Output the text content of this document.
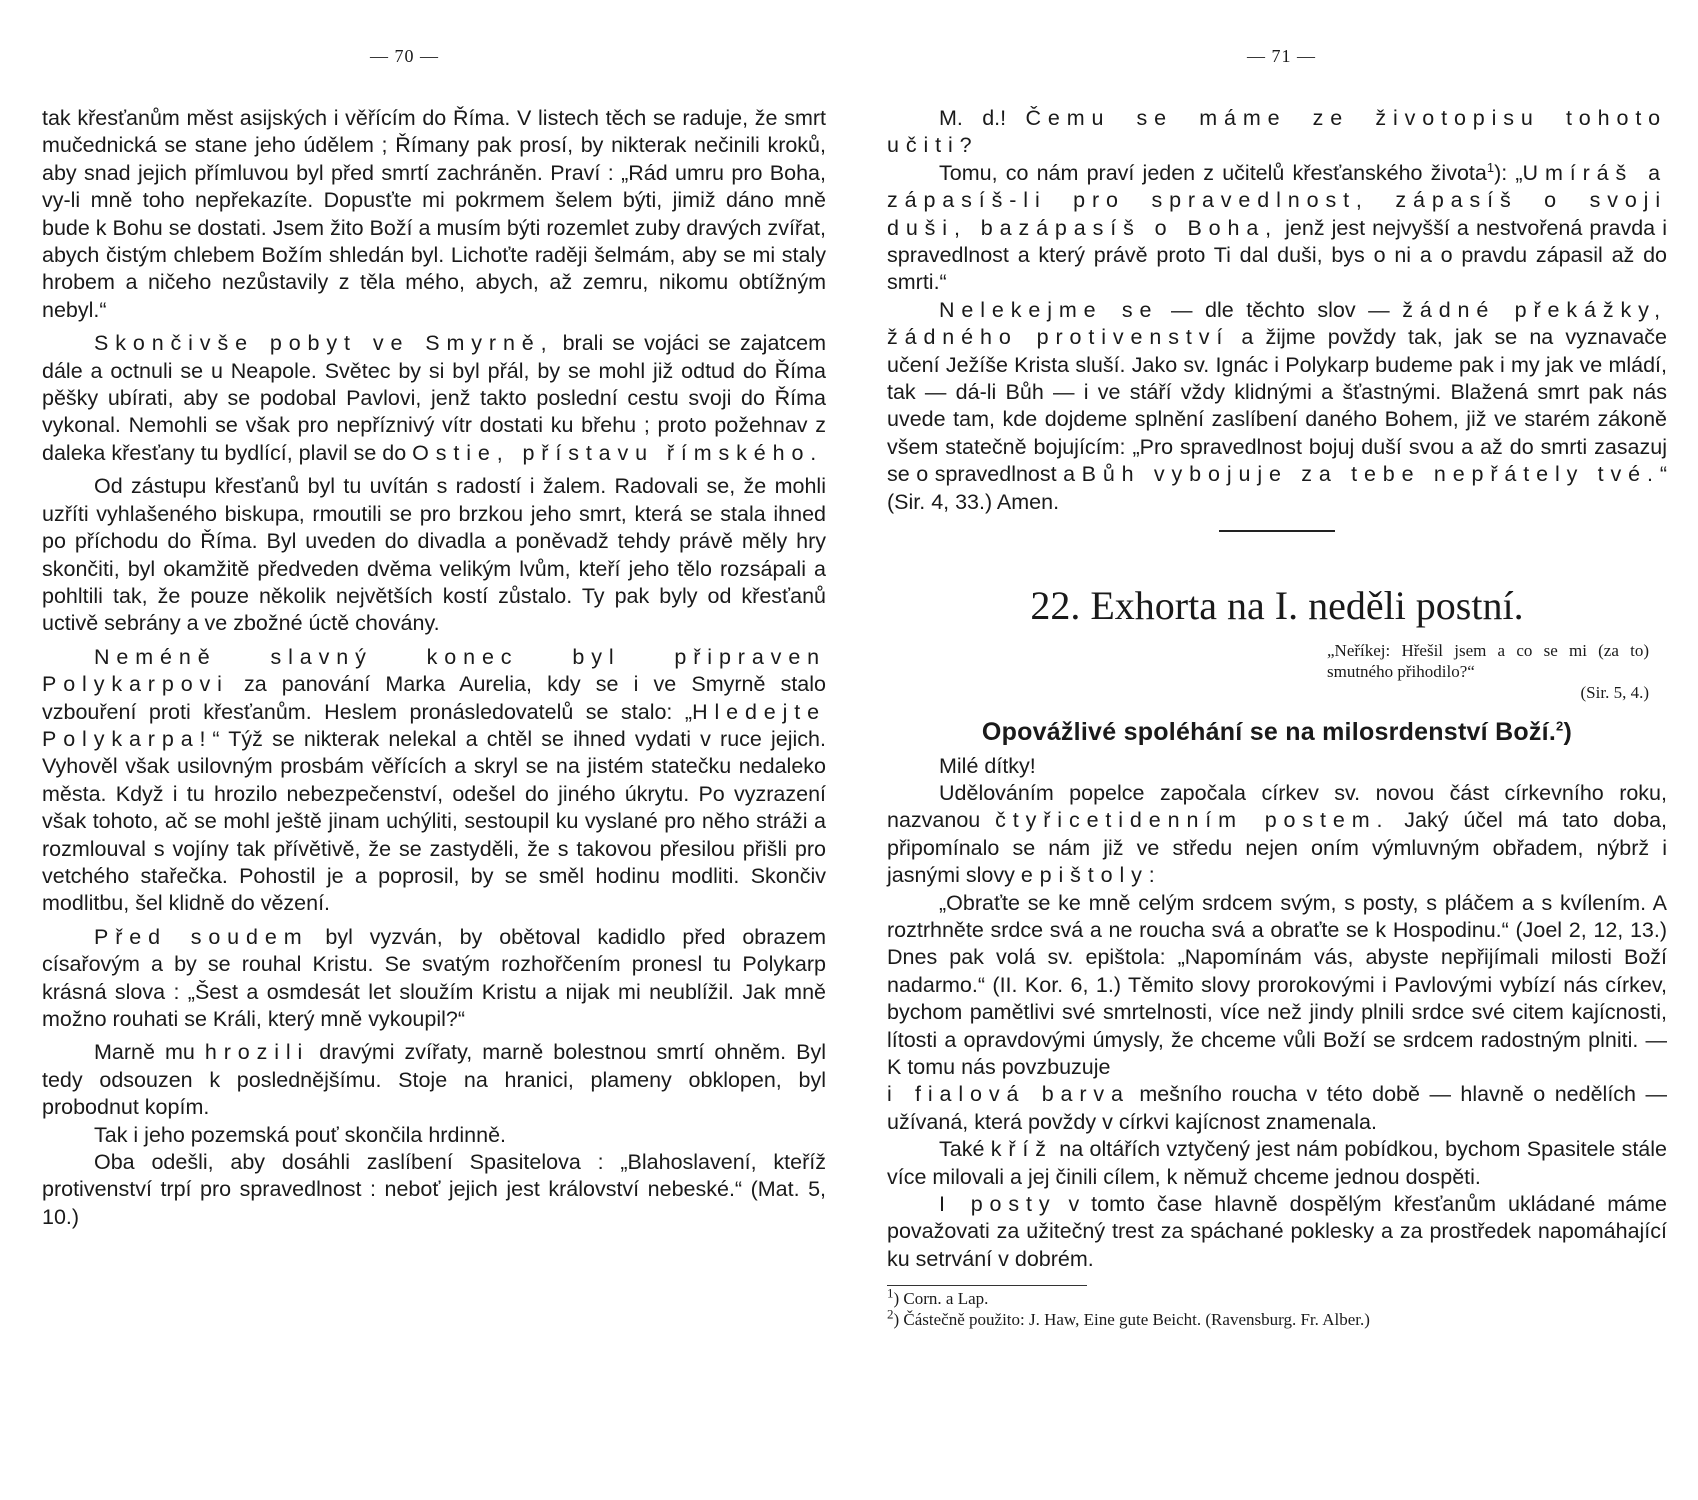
— 70 —

tak křesťanům měst asijských i věřícím do Říma. V listech těch se raduje, že smrt mučednická se stane jeho údělem ; Římany pak prosí, by nikterak nečinili kroků, aby snad jejich přímluvou byl před smrtí zachráněn. Praví : „Rád umru pro Boha, vy-li mně toho nepřekazíte. Dopusťte mi pokrmem šelem býti, jimiž dáno mně bude k Bohu se dostati. Jsem žito Boží a musím býti rozemlet zuby dravých zvířat, abych čistým chlebem Božím shledán byl. Lichoťte raději šelmám, aby se mi staly hrobem a ničeho nezůstavily z těla mého, abych, až zemru, nikomu obtížným nebyl.“

Skončivše pobyt ve Smyrně, brali se vojáci se zajatcem dále a octnuli se u Neapole. Světec by si byl přál, by se mohl již odtud do Říma pěšky ubírati, aby se podobal Pavlovi, jenž takto poslední cestu svoji do Říma vykonal. Nemohli se však pro nepříznivý vítr dostati ku břehu ; proto požehnav z daleka křesťany tu bydlící, plavil se do Ostie, přístavu římského.

Od zástupu křesťanů byl tu uvítán s radostí i žalem. Radovali se, že mohli uzříti vyhlašeného biskupa, rmoutili se pro brzkou jeho smrt, která se stala ihned po příchodu do Říma. Byl uveden do divadla a poněvadž tehdy právě měly hry skončiti, byl okamžitě předveden dvěma velikým lvům, kteří jeho tělo rozsápali a pohltili tak, že pouze několik největších kostí zůstalo. Ty pak byly od křesťanů uctivě sebrány a ve zbožné úctě chovány.

Neméně slavný konec byl připraven Polykarpovi za panování Marka Aurelia, kdy se i ve Smyrně stalo vzbouření proti křesťanům. Heslem pronásledovatelů se stalo: „Hledejte Polykarpa!“ Týž se nikterak nelekal a chtěl se ihned vydati v ruce jejich. Vyhověl však usilovným prosbám věřících a skryl se na jistém statečku nedaleko města. Když i tu hrozilo nebezpečenství, odešel do jiného úkrytu. Po vyzrazení však tohoto, ač se mohl ještě jinam uchýliti, sestoupil ku vyslané pro něho stráži a rozmlouval s vojíny tak přívětivě, že se zastyděli, že s takovou přesilou přišli pro vetchého stařečka. Pohostil je a poprosil, by se směl hodinu modliti. Skončiv modlitbu, šel klidně do vězení.

Před soudem byl vyzván, by obětoval kadidlo před obrazem císařovým a by se rouhal Kristu. Se svatým rozhořčením pronesl tu Polykarp krásná slova : „Šest a osmdesát let sloužím Kristu a nijak mi neublížil. Jak mně možno rouhati se Králi, který mně vykoupil?“

Marně mu hrozili dravými zvířaty, marně bolestnou smrtí ohněm. Byl tedy odsouzen k poslednějšímu. Stoje na hranici, plameny obklopen, byl probodnut kopím.

Tak i jeho pozemská pouť skončila hrdinně.

Oba odešli, aby dosáhli zaslíbení Spasitelova : „Blahoslavení, kteříž protivenství trpí pro spravedlnost : neboť jejich jest království nebeské.“ (Mat. 5, 10.)

— 71 —

M. d.! Čemu se máme ze životopisu tohoto učiti?

Tomu, co nám praví jeden z učitelů křesťanského života$^1$): „Umíráš a zápasíš-li pro spravedlnost, zápasíš o svoji duši, bazápasíš o Boha, jenž jest nejvyšší a nestvořená pravda i spravedlnost a který právě proto Ti dal duši, bys o ni a o pravdu zápasil až do smrti.“

Nelekejme se — dle těchto slov — žádné překážky, žádného protivenství a žijme povždy tak, jak se na vyznavače učení Ježíše Krista sluší. Jako sv. Ignác i Polykarp budeme pak i my jak ve mládí, tak — dá-li Bůh — i ve stáří vždy klidnými a šťastnými. Blažená smrt pak nás uvede tam, kde dojdeme splnění zaslíbení daného Bohem, již ve starém zákoně všem statečně bojujícím: „Pro spravedlnost bojuj duší svou a až do smrti zasazuj se o spravedlnost a Bůh vybojuje za tebe nepřátely tvé.“ (Sir. 4, 33.) Amen.

22. Exhorta na I. neděli postní.
„Neříkej: Hřešil jsem a co se mi (za to) smutného přihodilo?“
(Sir. 5, 4.)
Opovážlivé spoléhání se na milosrdenství Boží.$^2$)

Milé dítky!

Udělováním popelce započala církev sv. novou část církevního roku, nazvanou čtyřicetidenním postem. Jaký účel má tato doba, připomínalo se nám již ve středu nejen oním výmluvným obřadem, nýbrž i jasnými slovy epištoly:

„Obraťte se ke mně celým srdcem svým, s posty, s pláčem a s kvílením. A roztrhněte srdce svá a ne roucha svá a obraťte se k Hospodinu.“ (Joel 2, 12, 13.) Dnes pak volá sv. epištola: „Napomínám vás, abyste nepřijímali milosti Boží nadarmo.“ (II. Kor. 6, 1.) Těmito slovy prorokovými i Pavlovými vybízí nás církev, bychom pamětlivi své smrtelnosti, více než jindy plnili srdce své citem kajícnosti, lítosti a opravdovými úmysly, že chceme vůli Boží se srdcem radostným plniti. — K tomu nás povzbuzuje

i fialová barva mešního roucha v této době — hlavně o nedělích — užívaná, která povždy v církvi kajícnost znamenala.

Také kříž na oltářích vztyčený jest nám pobídkou, bychom Spasitele stále více milovali a jej činili cílem, k němuž chceme jednou dospěti.

I posty v tomto čase hlavně dospělým křesťanům ukládané máme považovati za užitečný trest za spáchané poklesky a za prostředek napomáhající ku setrvání v dobrém.

$^1$) Corn. a Lap.

$^2$) Částečně použito: J. Haw, Eine gute Beicht. (Ravensburg. Fr. Alber.)
